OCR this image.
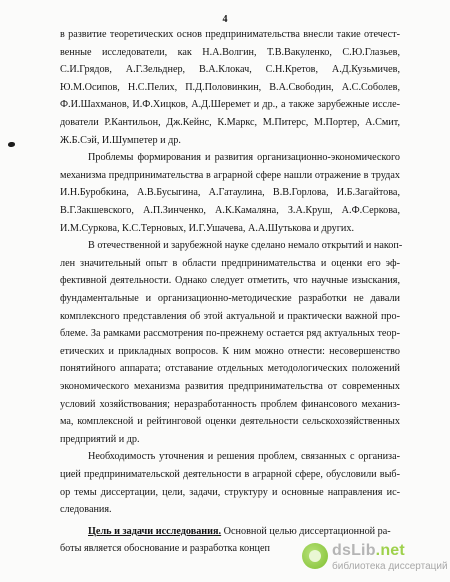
4
в развитие теоретических основ предпринимательства внесли такие отечест-
венные исследователи, как Н.А.Волгин, Т.В.Вакуленко, С.Ю.Глазьев,
С.И.Грядов, А.Г.Зельднер, В.А.Клокач, С.Н.Кретов, А.Д.Кузьмичев,
Ю.М.Осипов, Н.С.Пелих, П.Д.Половинкин, В.А.Свободин, А.С.Соболев,
Ф.И.Шахманов, И.Ф.Хицков, А.Д.Шеремет и др., а также зарубежные иссле-
дователи Р.Кантильон, Дж.Кейнс, К.Маркс, М.Питерс, М.Портер, А.Смит,
Ж.Б.Сэй, И.Шумпетер и др.
Проблемы формирования и развития организационно-экономического
механизма предпринимательства в аграрной сфере нашли отражение в трудах
И.Н.Буробкина, А.В.Бусыгина, А.Гатаулина, В.В.Горлова, И.Б.Загайтова,
В.Г.Закшевского, А.П.Зинченко, А.К.Камаляна, З.А.Круш, А.Ф.Серкова,
И.М.Суркова, К.С.Терновых, И.Г.Ушачева, А.А.Шутькова и других.
В отечественной и зарубежной науке сделано немало открытий и накоп-
лен значительный опыт в области предпринимательства и оценки его эф-
фективной деятельности. Однако следует отметить, что научные изыскания,
фундаментальные и организационно-методические разработки не давали
комплексного представления об этой актуальной и практически важной про-
блеме. За рамками рассмотрения по-прежнему остается ряд актуальных теор-
етических и прикладных вопросов. К ним можно отнести: несовершенство
понятийного аппарата; отставание отдельных методологических положений
экономического механизма развития предпринимательства от современных
условий хозяйствования; неразработанность проблем финансового механиз-
ма, комплексной и рейтинговой оценки деятельности сельскохозяйственных
предприятий и др.
Необходимость уточнения и решения проблем, связанных с организа-
цией предпринимательской деятельности в аграрной сфере, обусловили выб-
ор темы диссертации, цели, задачи, структуру и основные направления ис-
следования.
Цель и задачи исследования. Основной целью диссертационной ра-
боты является обоснование и разработка концеп	dsLib.net
библиотека диссертаций
